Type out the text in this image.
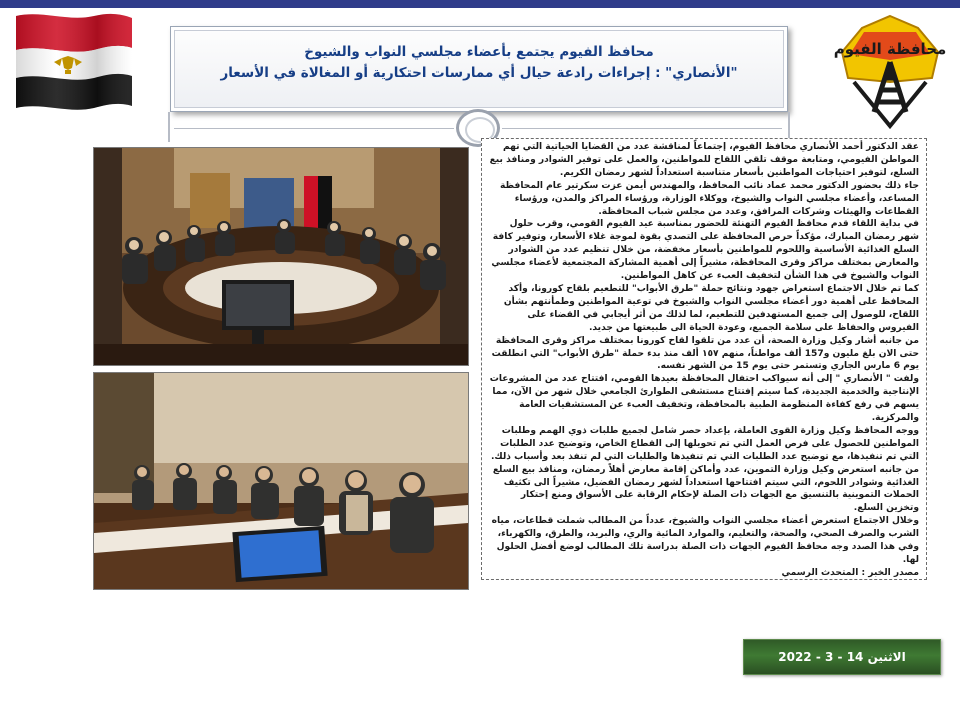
محافظة الفيوم
محافظ الفيوم يجتمع بأعضاء مجلسي النواب والشيوخ
"الأنصاري" : إجراءات رادعة حيال أي ممارسات احتكارية أو المغالاة في الأسعار

عقد الدكتور أحمد الأنصاري محافظ الفيوم، إجتماعاً لمناقشة عدد من القضايا الحياتية التي تهم المواطن الفيومي، ومتابعة موقف تلقي اللقاح للمواطنين، والعمل على توفير الشوادر ومنافذ بيع السلع، لتوفير احتياجات المواطنين بأسعار متناسبة استعداداً لشهر رمضان الكريم.

جاء ذلك بحضور الدكتور محمد عماد نائب المحافظ، والمهندس أيمن عزت سكرتير عام المحافظة المساعد، وأعضاء مجلسي النواب والشيوخ، ووكلاء الوزارة، ورؤساء المراكز والمدن، ورؤساء القطاعات والهيئات وشركات المرافق، وعدد من مجلس شباب المحافظة.

في بداية اللقاء قدم محافظ الفيوم التهنئة للحضور بمناسبة عيد الفيوم القومي، وقرب حلول شهر رمضان المبارك، مؤكداً حرص المحافظة على التصدي بقوة لموجة غلاء الأسعار، وتوفير كافة السلع الغذائية الأساسية واللحوم للمواطنين بأسعار مخفضة، من خلال تنظيم عدد من الشوادر والمعارض بمختلف مراكز وقرى المحافظة، مشيراً إلى أهمية المشاركة المجتمعية لأعضاء مجلسي النواب والشيوخ في هذا الشأن لتخفيف العبء عن كاهل المواطنين.

كما تم خلال الاجتماع استعراض جهود ونتائج حملة "طرق الأبواب" للتطعيم بلقاح كورونا، وأكد المحافظ على أهمية دور أعضاء مجلسي النواب والشيوخ في توعية المواطنين وطمأنتهم بشأن اللقاح، للوصول إلى جميع المستهدفين للتطعيم، لما لذلك من أثر أيجابي في القضاء على الفيروس والحفاظ على سلامة الجميع، وعودة الحياة الى طبيعتها من جديد.

من جانبه أشار وكيل وزارة الصحة، أن عدد من تلقوا لقاح كورونا بمختلف مراكز وقرى المحافظة حتى الان بلغ مليون و157 ألف مواطناً، منهم ١٥٧ ألف منذ بدء حملة "طرق الأبواب" التي انطلقت يوم 6 مارس الجاري وتستمر حتى يوم 15 من الشهر نفسه.

ولفت " الأنصاري " إلى أنه سيواكب احتفال المحافظة بعيدها القومي، افتتاح عدد من المشروعات الإنتاجية والخدمية الجديدة، كما سيتم إفتتاح مستشفى الطوارئ الجامعي خلال شهر من الآن، مما يسهم في رفع كفاءة المنظومة الطبية بالمحافظة، وتخفيف العبء عن المستشفيات العامة والمركزية.

ووجه المحافظ وكيل وزارة القوى العاملة، بإعداد حصر شامل لجميع طلبات ذوي الهمم وطلبات المواطنين للحصول على فرص العمل التي تم تحويلها إلى القطاع الخاص، وتوضيح عدد الطلبات التي تم تنفيذها، مع توضيح عدد الطلبات التي تم تنفيذها والطلبات التي لم تنفذ بعد وأسباب ذلك.

من جانبه استعرض وكيل وزارة التموين، عدد وأماكن إقامة معارض أهلاً رمضان، ومنافذ بيع السلع الغذائية وشوادر اللحوم، التي سيتم افتتاحها استعداداً لشهر رمضان الفضيل، مشيراً الى تكثيف الحملات التموينية بالتنسيق مع الجهات ذات الصلة لإحكام الرقابة على الأسواق ومنع إحتكار وتخزين السلع.

وخلال الاجتماع استعرض أعضاء مجلسي النواب والشيوخ، عدداً من المطالب شملت قطاعات، مياه الشرب والصرف الصحي، والصحة، والتعليم، والموارد المائية والري، والبريد، والطرق، والكهرباء، وفي هذا الصدد وجه محافظ الفيوم الجهات ذات الصلة بدراسة تلك المطالب لوضع أفضل الحلول لها.

مصدر الخبر : المتحدث الرسمي

الاثنين 14 - 3 - 2022
